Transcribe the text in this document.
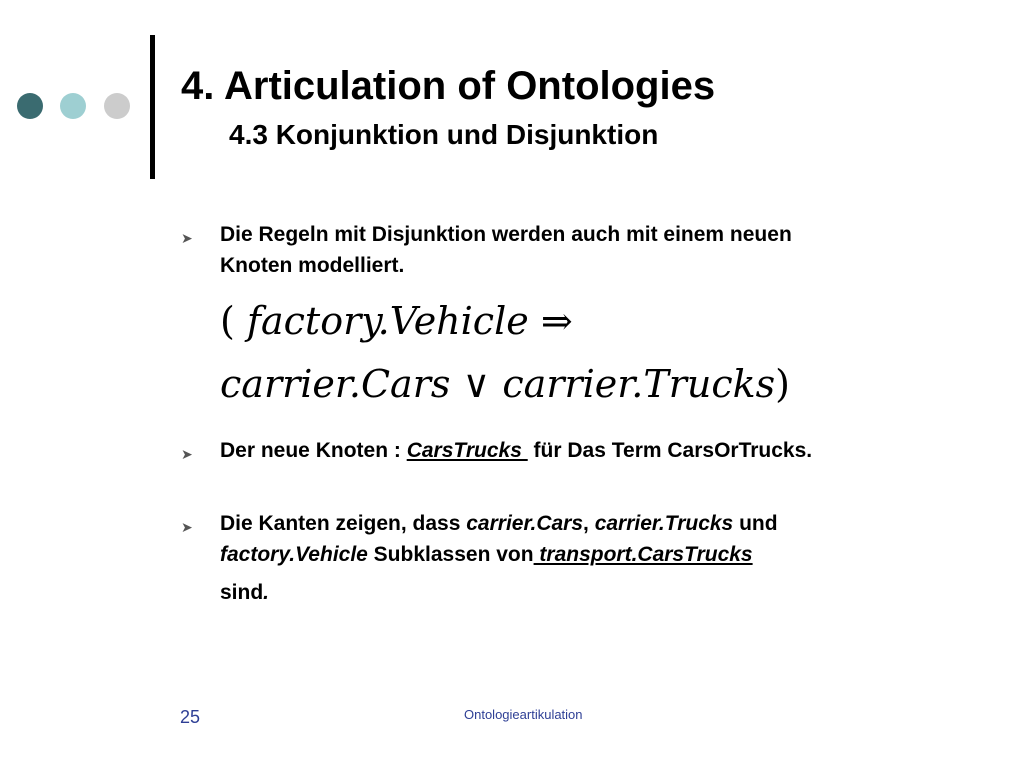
4. Articulation of Ontologies
4.3 Konjunktion und Disjunktion
➤ Die Regeln mit Disjunktion werden auch mit einem neuen
Knoten modelliert.
( factory.Vehicle ⇒
carrier.Cars ∨ carrier.Trucks)
➤ Der neue Knoten : CarsTrucks  für Das Term CarsOrTrucks.
➤ Die Kanten zeigen, dass carrier.Cars, carrier.Trucks und
factory.Vehicle Subklassen von transport.CarsTrucks
sind.
25	Ontologieartikulation
